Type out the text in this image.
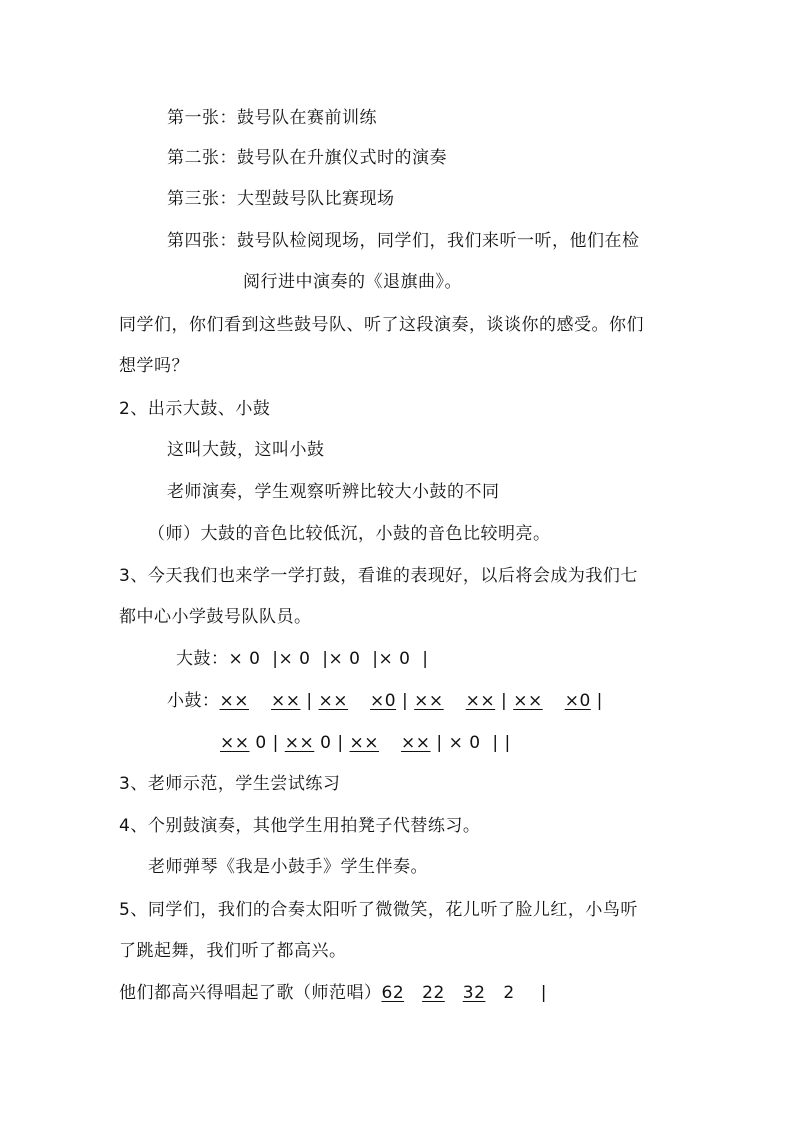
第一张：鼓号队在赛前训练
第二张：鼓号队在升旗仪式时的演奏
第三张：大型鼓号队比赛现场
第四张：鼓号队检阅现场，同学们，我们来听一听，他们在检
阅行进中演奏的《退旗曲》。
同学们，你们看到这些鼓号队、听了这段演奏，谈谈你的感受。你们
想学吗？
2、出示大鼓、小鼓
这叫大鼓，这叫小鼓
老师演奏，学生观察听辨比较大小鼓的不同
（师）大鼓的音色比较低沉，小鼓的音色比较明亮。
3、今天我们也来学一学打鼓，看谁的表现好，以后将会成为我们七
都中心小学鼓号队队员。
大鼓：× 0  |× 0  |× 0  |× 0  |
小鼓：×× ×× | ×× ×0 | ×× ×× | ×× ×0 |
×× 0 | ×× 0 | ×× ×× | × 0  | |
3、老师示范，学生尝试练习
4、个别鼓演奏，其他学生用拍凳子代替练习。
老师弹琴《我是小鼓手》学生伴奏。
5、同学们，我们的合奏太阳听了微微笑，花儿听了脸儿红，小鸟听
了跳起舞，我们听了都高兴。
他们都高兴得唱起了歌（师范唱）62 22 32 2 |
